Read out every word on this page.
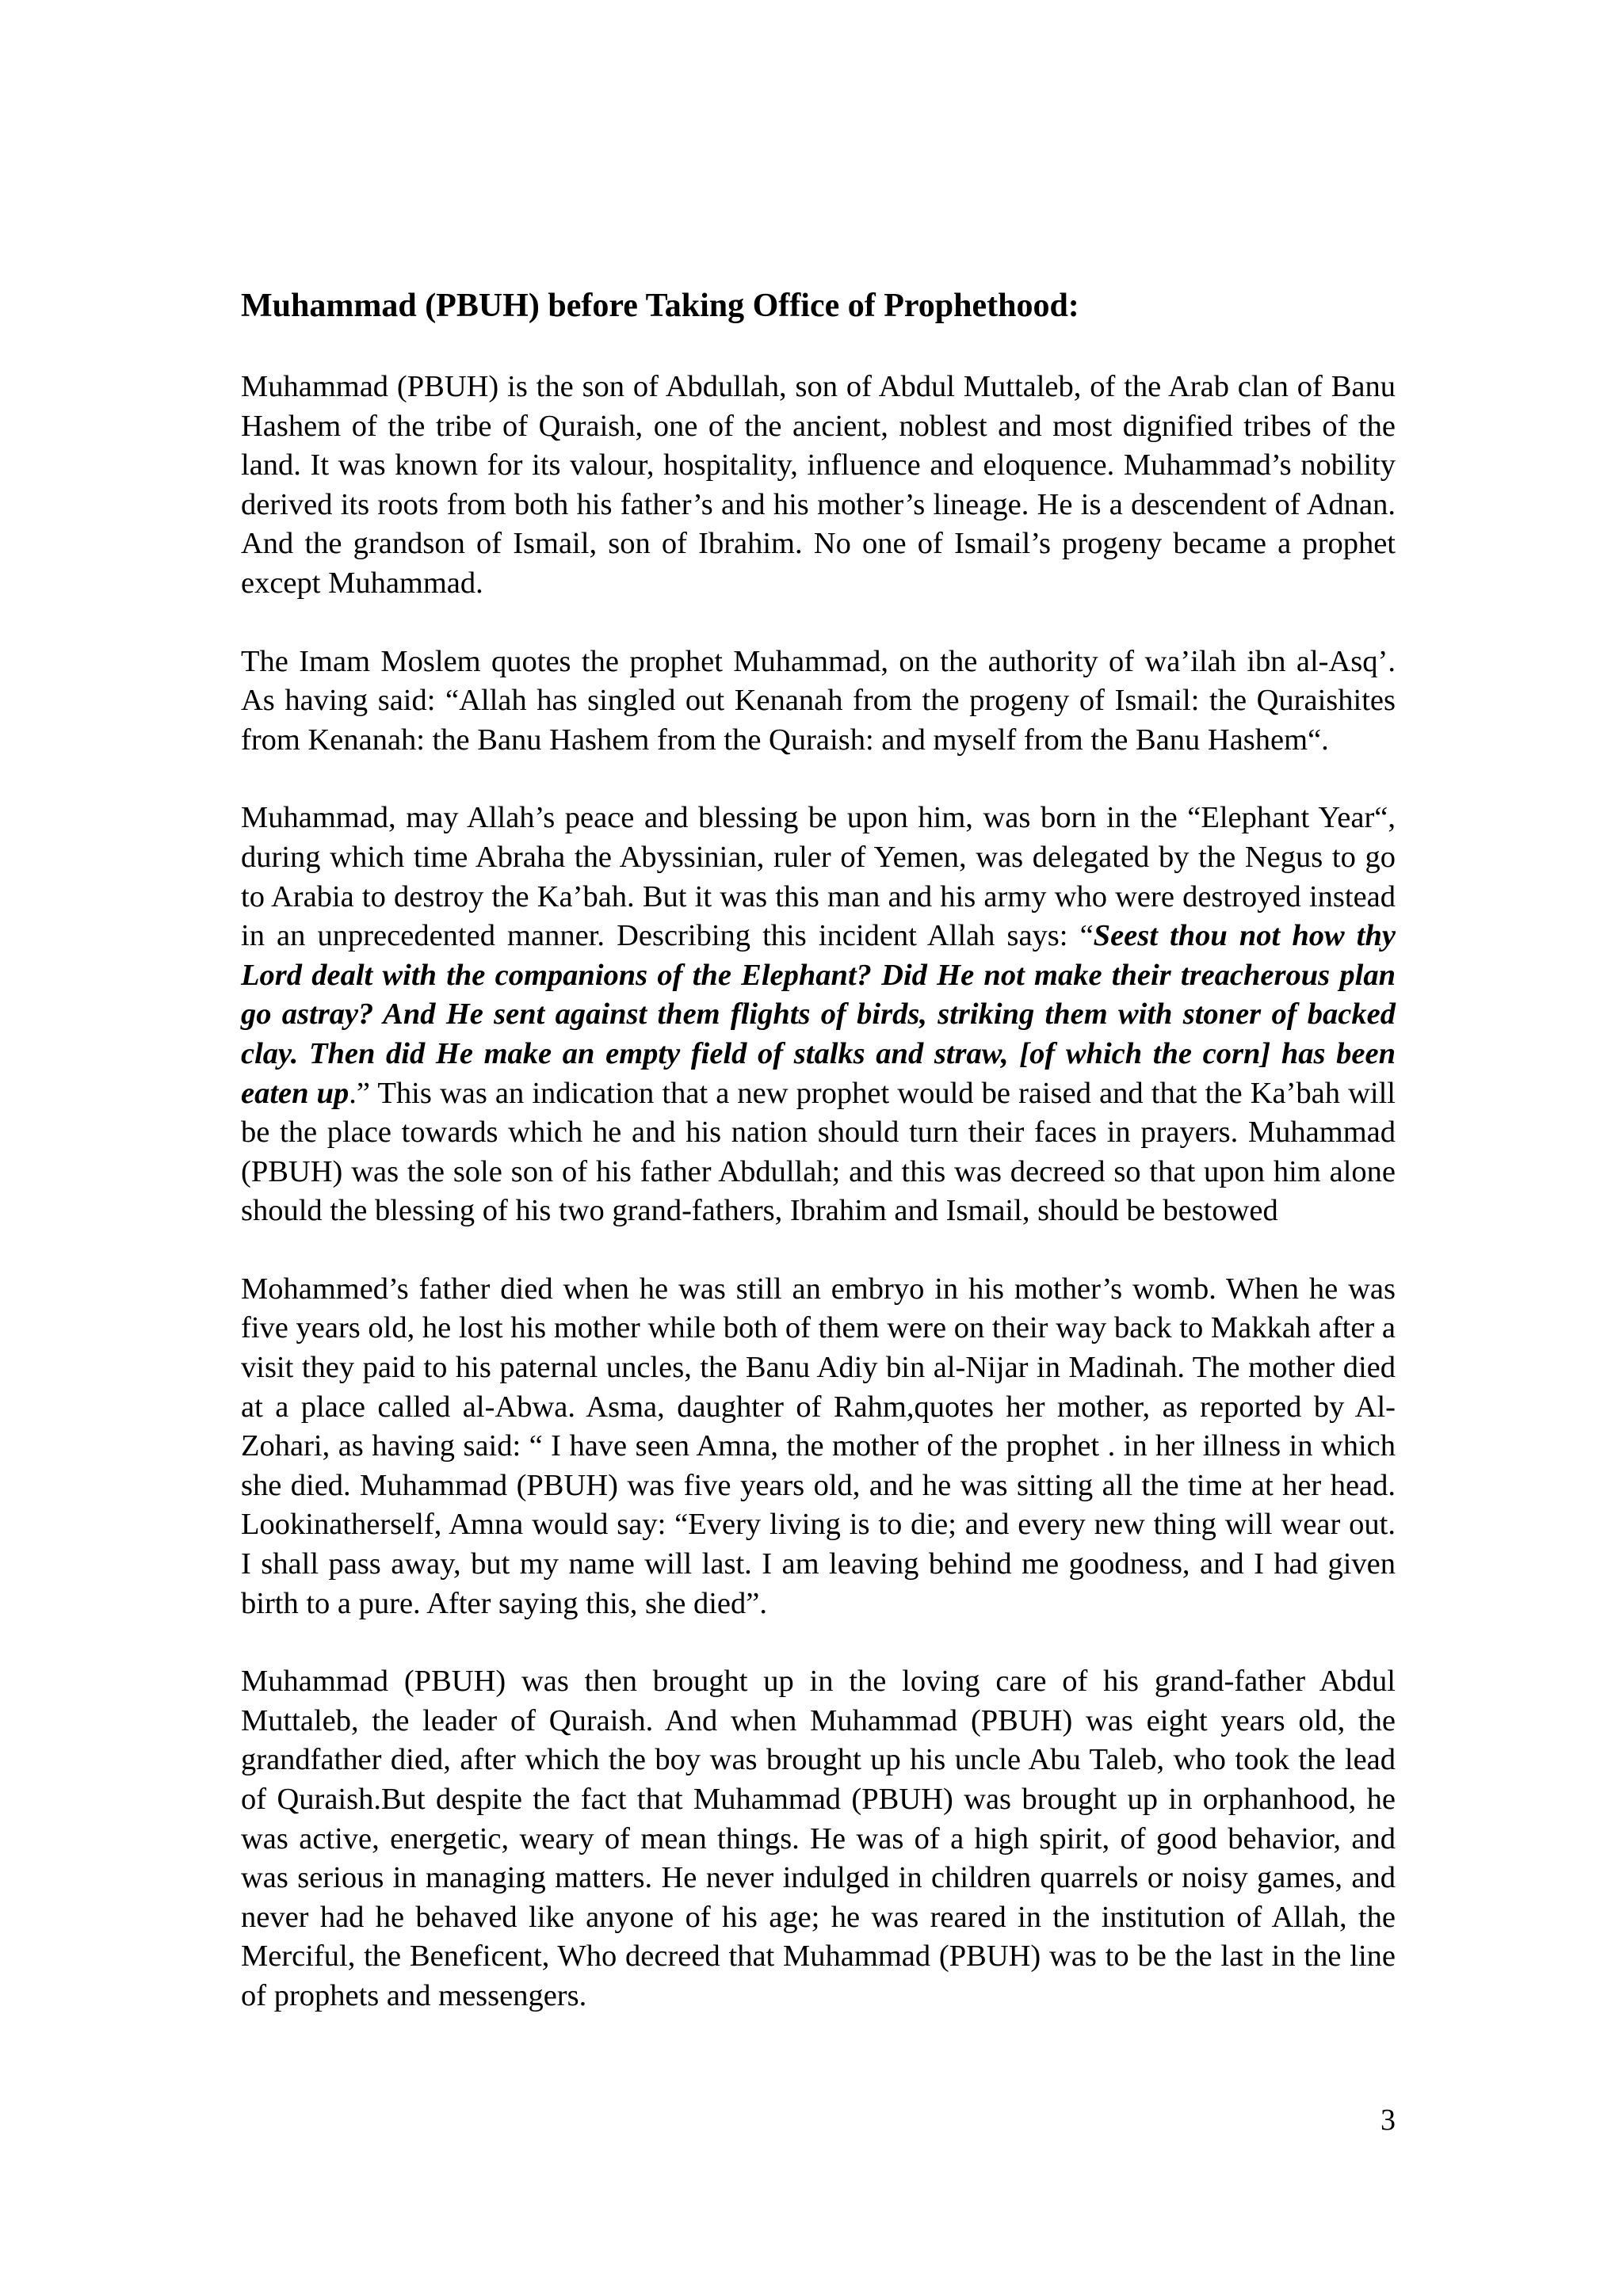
Muhammad (PBUH) before Taking Office of Prophethood:

Muhammad (PBUH) is the son of Abdullah, son of Abdul Muttaleb, of the Arab clan of Banu Hashem of the tribe of Quraish, one of the ancient, noblest and most dignified tribes of the land. It was known for its valour, hospitality, influence and eloquence. Muhammad’s nobility derived its roots from both his father’s and his mother’s lineage. He is a descendent of Adnan. And the grandson of Ismail, son of Ibrahim. No one of Ismail’s progeny became a prophet except Muhammad.

The Imam Moslem quotes the prophet Muhammad, on the authority of wa’ilah ibn al-Asq’. As having said: “Allah has singled out Kenanah from the progeny of Ismail: the Quraishites from Kenanah: the Banu Hashem from the Quraish: and myself from the Banu Hashem“.

Muhammad, may Allah’s peace and blessing be upon him, was born in the “Elephant Year“, during which time Abraha the Abyssinian, ruler of Yemen, was delegated by the Negus to go to Arabia to destroy the Ka’bah. But it was this man and his army who were destroyed instead in an unprecedented manner. Describing this incident Allah says: “Seest thou not how thy Lord dealt with the companions of the Elephant? Did He not make their treacherous plan go astray? And He sent against them flights of birds, striking them with stoner of backed clay. Then did He make an empty field of stalks and straw, [of which the corn] has been eaten up.” This was an indication that a new prophet would be raised and that the Ka’bah will be the place towards which he and his nation should turn their faces in prayers. Muhammad (PBUH) was the sole son of his father Abdullah; and this was decreed so that upon him alone should the blessing of his two grand-fathers, Ibrahim and Ismail, should be bestowed

Mohammed’s father died when he was still an embryo in his mother’s womb. When he was five years old, he lost his mother while both of them were on their way back to Makkah after a visit they paid to his paternal uncles, the Banu Adiy bin al-Nijar in Madinah. The mother died at a place called al-Abwa. Asma, daughter of Rahm,quotes her mother, as reported by Al-Zohari, as having said: “ I have seen Amna, the mother of the prophet . in her illness in which she died. Muhammad (PBUH) was five years old, and he was sitting all the time at her head. Lookinatherself, Amna would say: “Every living is to die; and every new thing will wear out. I shall pass away, but my name will last. I am leaving behind me goodness, and I had given birth to a pure. After saying this, she died”.

Muhammad (PBUH) was then brought up in the loving care of his grand-father Abdul Muttaleb, the leader of Quraish. And when Muhammad (PBUH) was eight years old, the grandfather died, after which the boy was brought up his uncle Abu Taleb, who took the lead of Quraish.But despite the fact that Muhammad (PBUH) was brought up in orphanhood, he was active, energetic, weary of mean things. He was of a high spirit, of good behavior, and was serious in managing matters. He never indulged in children quarrels or noisy games, and never had he behaved like anyone of his age; he was reared in the institution of Allah, the Merciful, the Beneficent, Who decreed that Muhammad (PBUH) was to be the last in the line of prophets and messengers.

3
